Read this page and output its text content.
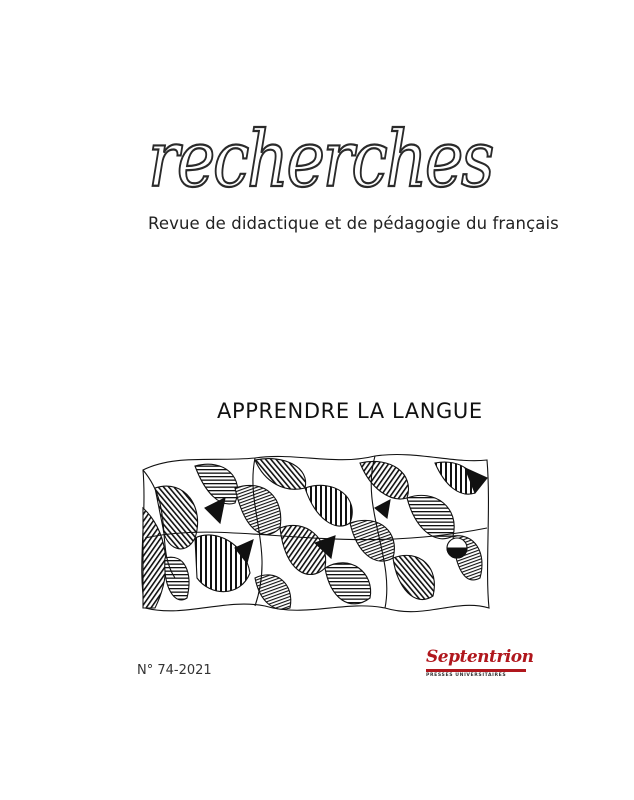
recherches
Revue de didactique et de pédagogie du français
APPRENDRE LA LANGUE
N° 74-2021
Septentrion
PRESSES UNIVERSITAIRES
